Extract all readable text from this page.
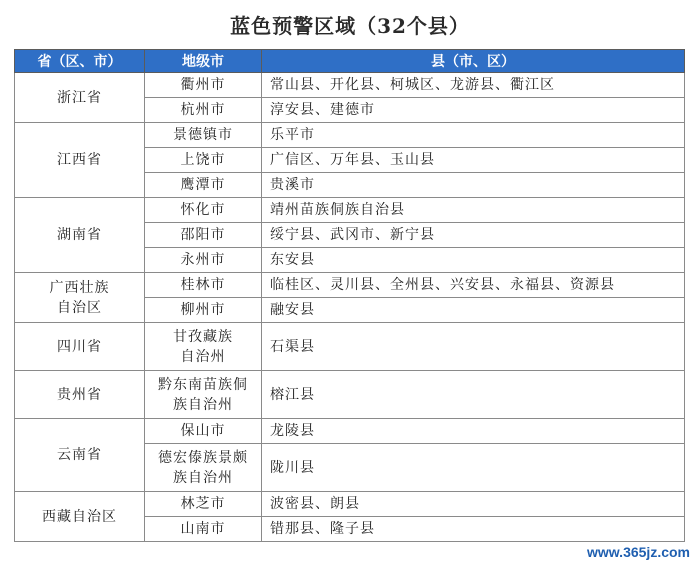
蓝色预警区域（32个县）
省（区、市）	地级市	县（市、区）
浙江省	衢州市	常山县、开化县、柯城区、龙游县、衢江区
	杭州市	淳安县、建德市
江西省	景德镇市	乐平市
	上饶市	广信区、万年县、玉山县
	鹰潭市	贵溪市
湖南省	怀化市	靖州苗族侗族自治县
	邵阳市	绥宁县、武冈市、新宁县
	永州市	东安县
广西壮族自治区	桂林市	临桂区、灵川县、全州县、兴安县、永福县、资源县
	柳州市	融安县
四川省	甘孜藏族自治州	石渠县
贵州省	黔东南苗族侗族自治州	榕江县
云南省	保山市	龙陵县
	德宏傣族景颇族自治州	陇川县
西藏自治区	林芝市	波密县、朗县
	山南市	错那县、隆子县
www.365jz.com
